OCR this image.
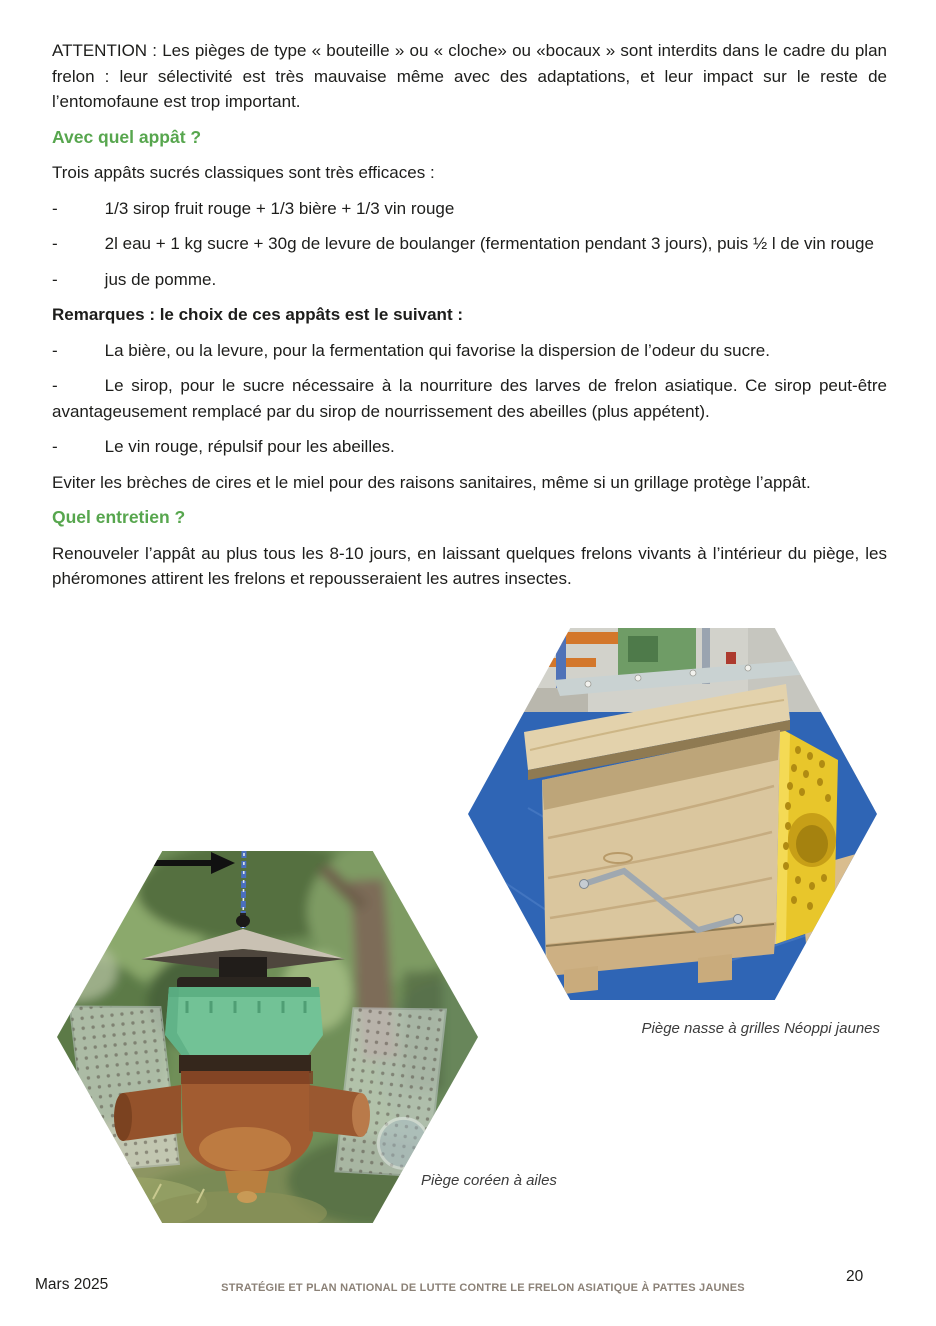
ATTENTION : Les pièges de type « bouteille » ou « cloche» ou «bocaux » sont interdits dans le cadre du plan frelon : leur sélectivité est très mauvaise même avec des adaptations, et leur impact sur le reste de l’entomofaune est trop important.

Avec quel appât ?

Trois appâts sucrés classiques sont très efficaces :

-	1/3 sirop fruit rouge + 1/3 bière + 1/3 vin rouge

-	2l eau + 1 kg sucre + 30g de levure de boulanger (fermentation pendant 3 jours), puis ½ l de vin rouge

-	jus de pomme.

Remarques : le choix de ces appâts est le suivant :

-	La bière, ou la levure, pour la fermentation qui favorise la dispersion de l’odeur du sucre.

-	Le sirop, pour le sucre nécessaire à la nourriture des larves de frelon asiatique. Ce sirop peut-être avantageusement remplacé par du sirop de nourrissement des abeilles (plus appétent).

-	Le vin rouge, répulsif pour les abeilles.

Eviter les brèches de cires et le miel pour des raisons sanitaires, même si un grillage protège l’appât.

Quel entretien ?

Renouveler l’appât au plus tous les 8-10 jours, en laissant quelques frelons vivants à l’intérieur du piège, les phéromones attirent les frelons et repousseraient les autres insectes.

Piège nasse à grilles Néoppi jaunes
Piège coréen à ailes
Mars 2025	STRATÉGIE ET PLAN NATIONAL DE LUTTE CONTRE LE FRELON ASIATIQUE À PATTES JAUNES
20
